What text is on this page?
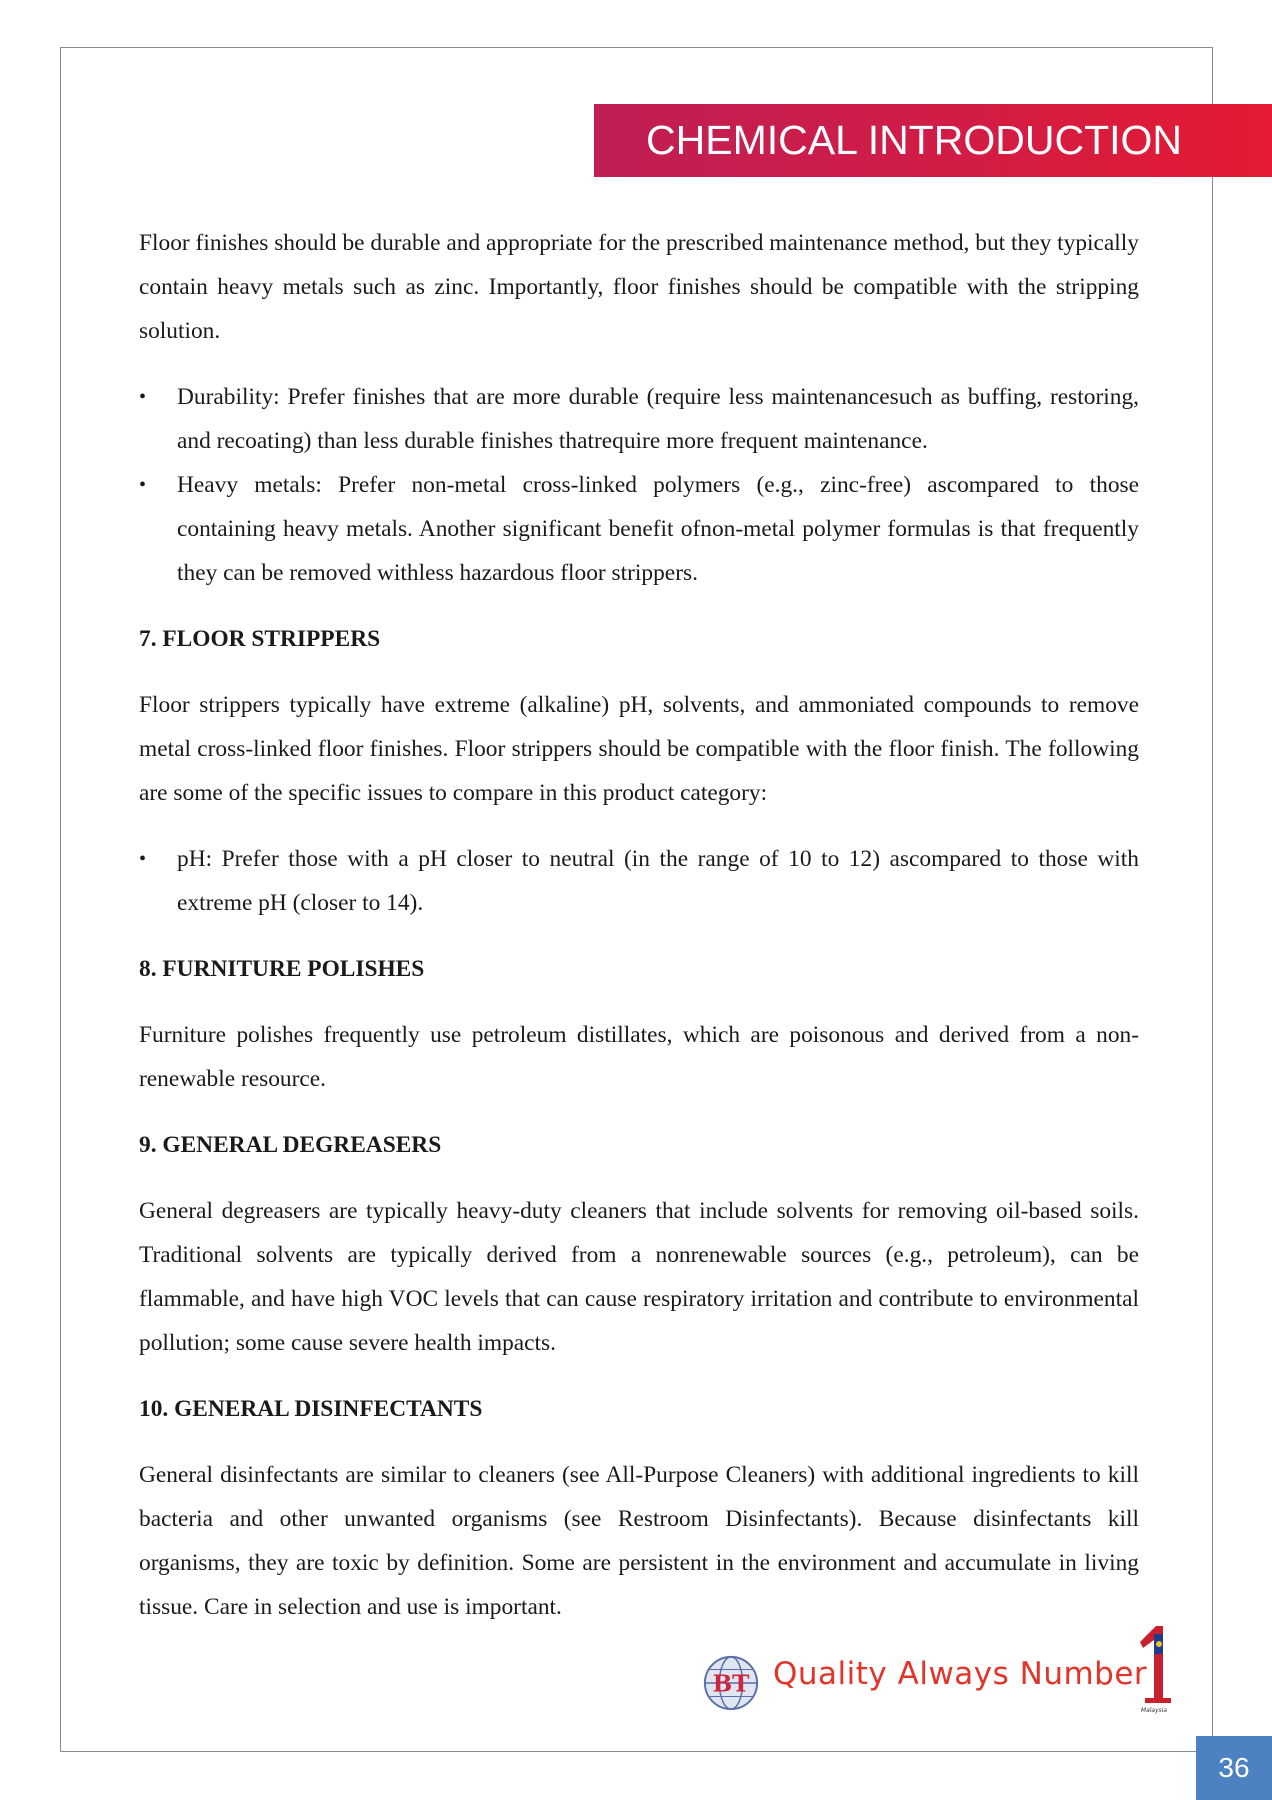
CHEMICAL INTRODUCTION

Floor finishes should be durable and appropriate for the prescribed maintenance method, but they typically contain heavy metals such as zinc. Importantly, floor finishes should be compatible with the stripping solution.

• Durability: Prefer finishes that are more durable (require less maintenancesuch as buffing, restoring, and recoating) than less durable finishes thatrequire more frequent maintenance.
• Heavy metals: Prefer non-metal cross-linked polymers (e.g., zinc-free) ascompared to those containing heavy metals. Another significant benefit ofnon-metal polymer formulas is that frequently they can be removed withless hazardous floor strippers.
7. FLOOR STRIPPERS

Floor strippers typically have extreme (alkaline) pH, solvents, and ammoniated compounds to remove metal cross-linked floor finishes. Floor strippers should be compatible with the floor finish. The following are some of the specific issues to compare in this product category:

• pH: Prefer those with a pH closer to neutral (in the range of 10 to 12) ascompared to those with extreme pH (closer to 14).
8. FURNITURE POLISHES

Furniture polishes frequently use petroleum distillates, which are poisonous and derived from a non-renewable resource.

9. GENERAL DEGREASERS

General degreasers are typically heavy-duty cleaners that include solvents for removing oil-based soils. Traditional solvents are typically derived from a nonrenewable sources (e.g., petroleum), can be flammable, and have high VOC levels that can cause respiratory irritation and contribute to environmental pollution; some cause severe health impacts.

10. GENERAL DISINFECTANTS

General disinfectants are similar to cleaners (see All-Purpose Cleaners) with additional ingredients to kill bacteria and other unwanted organisms (see Restroom Disinfectants). Because disinfectants kill organisms, they are toxic by definition. Some are persistent in the environment and accumulate in living tissue. Care in selection and use is important.

BT Quality Always Number
Malaysia
36
